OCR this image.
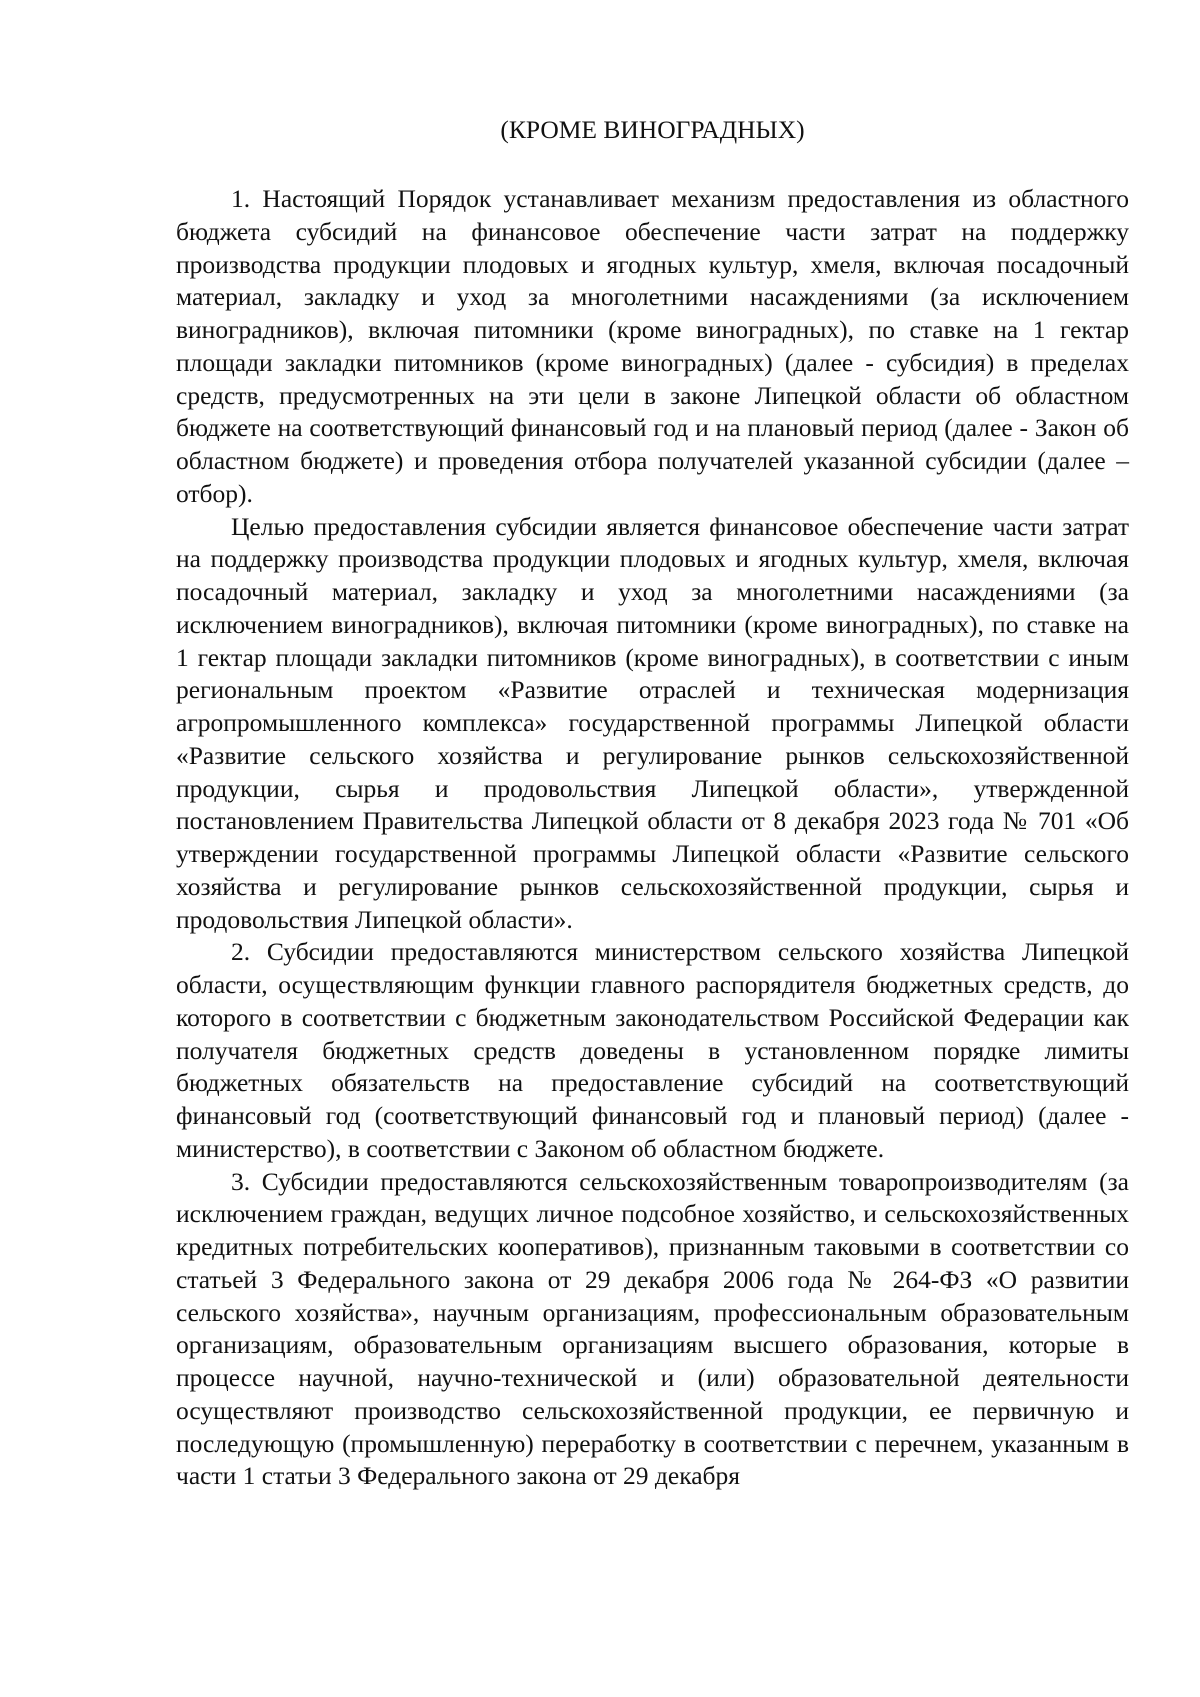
(КРОМЕ ВИНОГРАДНЫХ)

1. Настоящий Порядок устанавливает механизм предоставления из областного бюджета субсидий на финансовое обеспечение части затрат на поддержку производства продукции плодовых и ягодных культур, хмеля, включая посадочный материал, закладку и уход за многолетними насаждениями (за исключением виноградников), включая питомники (кроме виноградных), по ставке на 1 гектар площади закладки питомников (кроме виноградных) (далее - субсидия) в пределах средств, предусмотренных на эти цели в законе Липецкой области об областном бюджете на соответствующий финансовый год и на плановый период (далее - Закон об областном бюджете) и проведения отбора получателей указанной субсидии (далее – отбор).

Целью предоставления субсидии является финансовое обеспечение части затрат на поддержку производства продукции плодовых и ягодных культур, хмеля, включая посадочный материал, закладку и уход за многолетними насаждениями (за исключением виноградников), включая питомники (кроме виноградных), по ставке на 1 гектар площади закладки питомников (кроме виноградных), в соответствии с иным региональным проектом «Развитие отраслей и техническая модернизация агропромышленного комплекса» государственной программы Липецкой области «Развитие сельского хозяйства и регулирование рынков сельскохозяйственной продукции, сырья и продовольствия Липецкой области», утвержденной постановлением Правительства Липецкой области от 8 декабря 2023 года № 701 «Об утверждении государственной программы Липецкой области «Развитие сельского хозяйства и регулирование рынков сельскохозяйственной продукции, сырья и продовольствия Липецкой области».

2. Субсидии предоставляются министерством сельского хозяйства Липецкой области, осуществляющим функции главного распорядителя бюджетных средств, до которого в соответствии с бюджетным законодательством Российской Федерации как получателя бюджетных средств доведены в установленном порядке лимиты бюджетных обязательств на предоставление субсидий на соответствующий финансовый год (соответствующий финансовый год и плановый период) (далее - министерство), в соответствии с Законом об областном бюджете.

3. Субсидии предоставляются сельскохозяйственным товаропроизводителям (за исключением граждан, ведущих личное подсобное хозяйство, и сельскохозяйственных кредитных потребительских кооперативов), признанным таковыми в соответствии со статьей 3 Федерального закона от 29 декабря 2006 года № 264-ФЗ «О развитии сельского хозяйства», научным организациям, профессиональным образовательным организациям, образовательным организациям высшего образования, которые в процессе научной, научно-технической и (или) образовательной деятельности осуществляют производство сельскохозяйственной продукции, ее первичную и последующую (промышленную) переработку в соответствии с перечнем, указанным в части 1 статьи 3 Федерального закона от 29 декабря
